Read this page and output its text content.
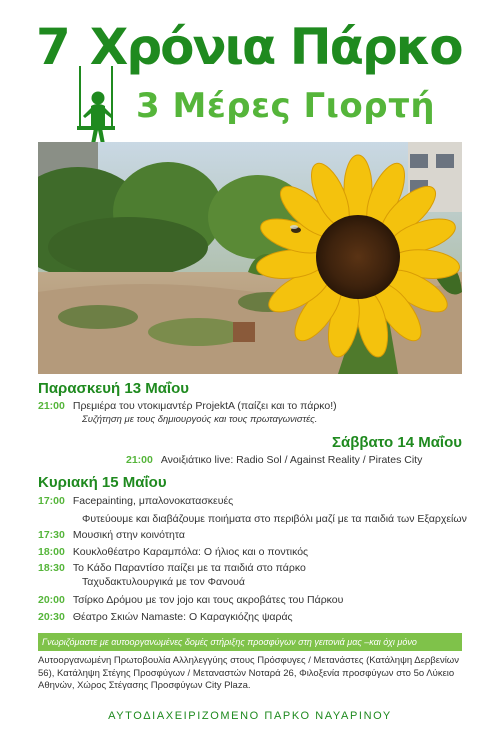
7 Χρόνια Πάρκο
3 Μέρες Γιορτή
Παρασκευή 13 Μαΐου
21:00 Πρεμιέρα του ντοκιμαντέρ ProjektA (παίζει και το πάρκο!)
Συζήτηση με τους δημιουργούς και τους πρωταγωνιστές.
Σάββατο 14 Μαΐου
21:00 Ανοιξιάτικο live: Radio Sol / Against Reality / Pirates City
Κυριακή 15 Μαΐου
17:00 Facepainting, μπαλονοκατασκευές
Φυτεύουμε και διαβάζουμε ποιήματα στο περιβόλι μαζί με τα παιδιά των Εξαρχείων
17:30 Μουσική στην κοινότητα
18:00 Κουκλοθέατρο Καραμπόλα: Ο ήλιος και ο ποντικός
18:30 Το Κάδο Παραντίσο παίζει με τα παιδιά στο πάρκο
Ταχυδακτυλουργικά με τον Φανουά
20:00 Τσίρκο Δρόμου με τον jojo και τους ακροβάτες του Πάρκου
20:30 Θέατρο Σκιών Namaste: Ο Καραγκιόζης ψαράς
Γνωριζόμαστε με αυτοοργανωμένες δομές στήριξης προσφύγων στη γειτονιά μας –και όχι μόνο
Αυτοοργανωμένη Πρωτοβουλία Αλληλεγγύης στους Πρόσφυγες / Μετανάστες (Κατάληψη Δερβενίων 56), Κατάληψη Στέγης Προσφύγων / Μεταναστών Νοταρά 26, Φιλοξενία προσφύγων στο 5ο Λύκειο Αθηνών, Χώρος Στέγασης Προσφύγων City Plaza.
ΑΥΤΟΔΙΑΧΕΙΡΙΖΟΜΕΝΟ ΠΑΡΚΟ ΝΑΥΑΡΙΝΟΥ
